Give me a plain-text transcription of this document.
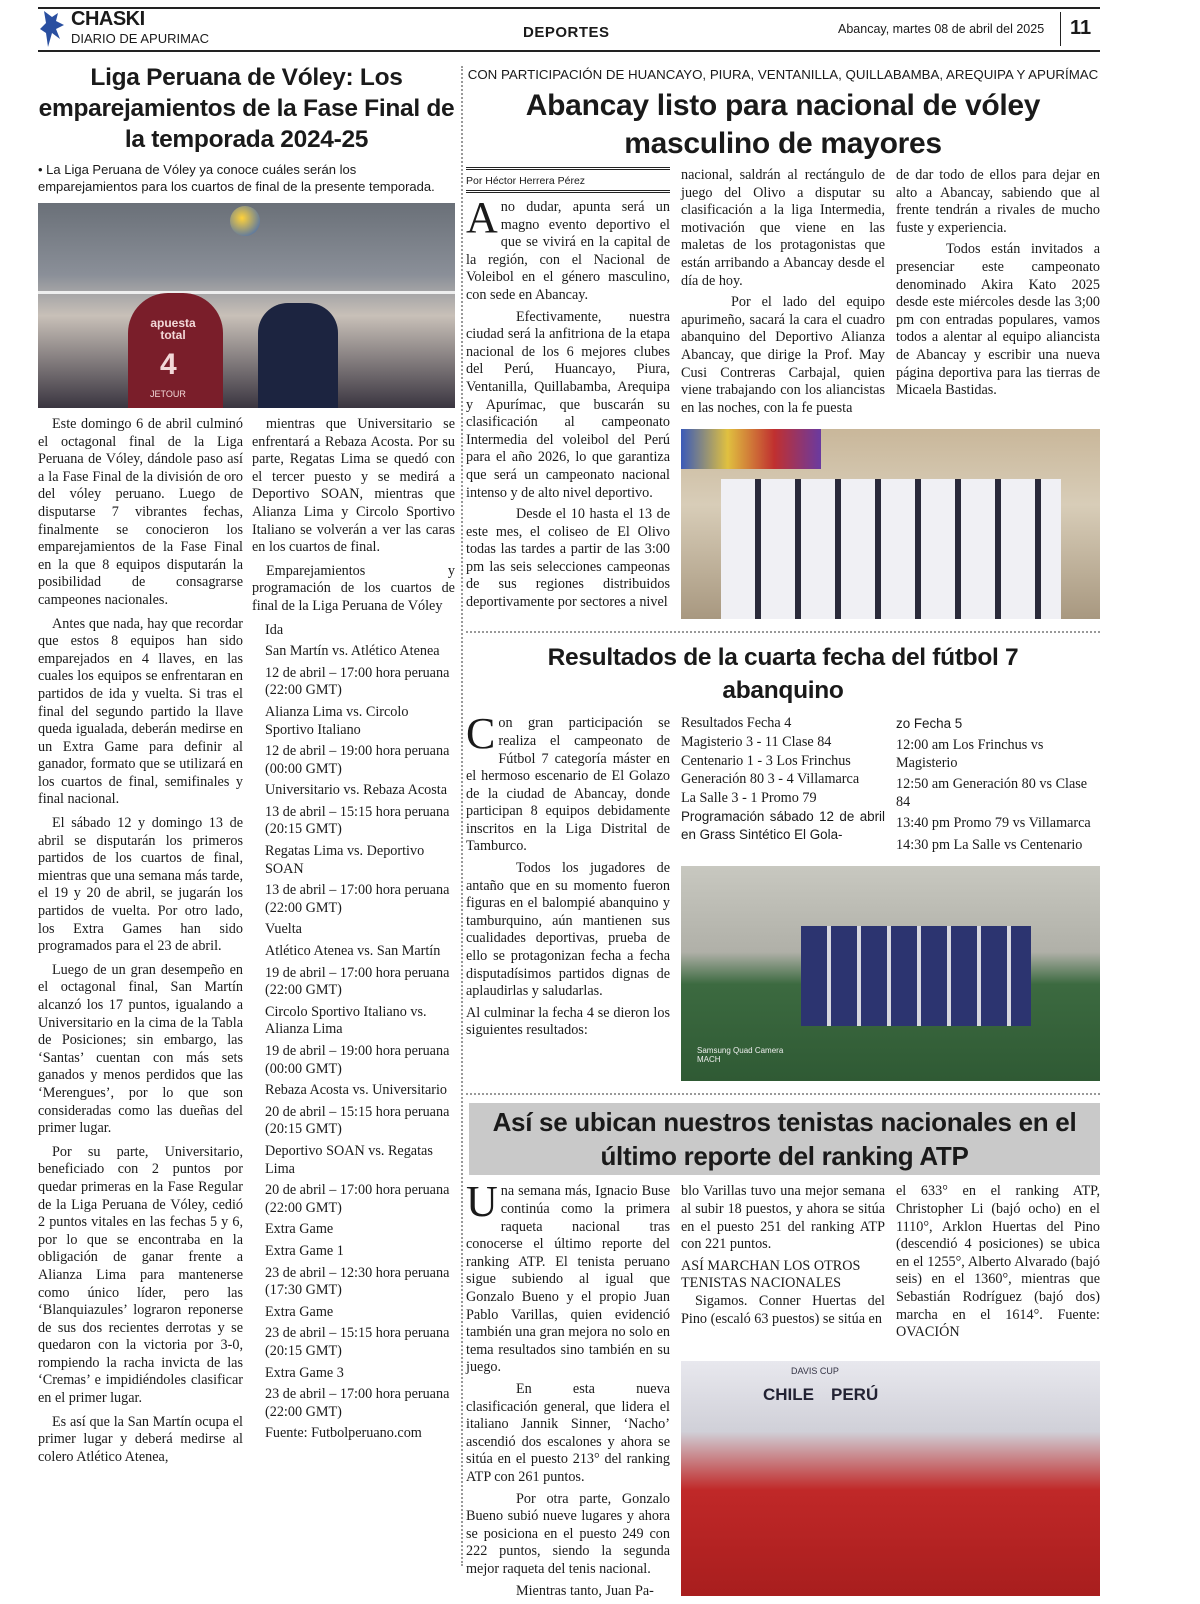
CHASKI
DIARIO DE APURIMAC	DEPORTES	Abancay, martes 08 de abril del 2025 11
Liga Peruana de Vóley: Los emparejamientos de la Fase Final de la temporada 2024-25
• La Liga Peruana de Vóley ya conoce cuáles serán los emparejamientos para los cuartos de final de la presente temporada.
apuesta total
4
JETOUR

Este domingo 6 de abril culminó el octagonal final de la Liga Peruana de Vóley, dándole paso así a la Fase Final de la división de oro del vóley peruano. Luego de disputarse 7 vibrantes fechas, finalmente se conocieron los emparejamientos de la Fase Final en la que 8 equipos disputarán la posibilidad de consagrarse campeones nacionales.

Antes que nada, hay que recordar que estos 8 equipos han sido emparejados en 4 llaves, en las cuales los equipos se enfrentaran en partidos de ida y vuelta. Si tras el final del segundo partido la llave queda igualada, deberán medirse en un Extra Game para definir al ganador, formato que se utilizará en los cuartos de final, semifinales y final nacional.

El sábado 12 y domingo 13 de abril se disputarán los primeros partidos de los cuartos de final, mientras que una semana más tarde, el 19 y 20 de abril, se jugarán los partidos de vuelta. Por otro lado, los Extra Games han sido programados para el 23 de abril.

Luego de un gran desempeño en el octagonal final, San Martín alcanzó los 17 puntos, igualando a Universitario en la cima de la Tabla de Posiciones; sin embargo, las ‘Santas’ cuentan con más sets ganados y menos perdidos que las ‘Merengues’, por lo que son consideradas como las dueñas del primer lugar.

Por su parte, Universitario, beneficiado con 2 puntos por quedar primeras en la Fase Regular de la Liga Peruana de Vóley, cedió 2 puntos vitales en las fechas 5 y 6, por lo que se encontraba en la obligación de ganar frente a Alianza Lima para mantenerse como único líder, pero las ‘Blanquiazules’ lograron reponerse de sus dos recientes derrotas y se quedaron con la victoria por 3-0, rompiendo la racha invicta de las ‘Cremas’ e impidiéndoles clasificar en el primer lugar.

Es así que la San Martín ocupa el primer lugar y deberá medirse al colero Atlético Atenea,

mientras que Universitario se enfrentará a Rebaza Acosta. Por su parte, Regatas Lima se quedó con el tercer puesto y se medirá a Deportivo SOAN, mientras que Alianza Lima y Circolo Sportivo Italiano se volverán a ver las caras en los cuartos de final.

Emparejamientos y programación de los cuartos de final de la Liga Peruana de Vóley

Ida

San Martín vs. Atlético Atenea

12 de abril – 17:00 hora peruana (22:00 GMT)

Alianza Lima vs. Circolo Sportivo Italiano

12 de abril – 19:00 hora peruana (00:00 GMT)

Universitario vs. Rebaza Acosta

13 de abril – 15:15 hora peruana (20:15 GMT)

Regatas Lima vs. Deportivo SOAN

13 de abril – 17:00 hora peruana (22:00 GMT)

Vuelta

Atlético Atenea vs. San Martín

19 de abril – 17:00 hora peruana (22:00 GMT)

Circolo Sportivo Italiano vs. Alianza Lima

19 de abril – 19:00 hora peruana (00:00 GMT)

Rebaza Acosta vs. Universitario

20 de abril – 15:15 hora peruana (20:15 GMT)

Deportivo SOAN vs. Regatas Lima

20 de abril – 17:00 hora peruana (22:00 GMT)

Extra Game

Extra Game 1

23 de abril – 12:30 hora peruana (17:30 GMT)

Extra Game

23 de abril – 15:15 hora peruana (20:15 GMT)

Extra Game 3

23 de abril – 17:00 hora peruana (22:00 GMT)

Fuente: Futbolperuano.com

CON PARTICIPACIÓN DE HUANCAYO, PIURA, VENTANILLA, QUILLABAMBA, AREQUIPA Y APURÍMAC
Abancay listo para nacional de vóley masculino de mayores
Por Héctor Herrera Pérez

Ano dudar, apunta será un magno evento deportivo el que se vivirá en la capital de la región, con el Nacional de Voleibol en el género masculino, con sede en Abancay.

Efectivamente, nuestra ciudad será la anfitriona de la etapa nacional de los 6 mejores clubes del Perú, Huancayo, Piura, Ventanilla, Quillabamba, Arequipa y Apurímac, que buscarán su clasificación al campeonato Intermedia del voleibol del Perú para el año 2026, lo que garantiza que será un campeonato nacional intenso y de alto nivel deportivo.

Desde el 10 hasta el 13 de este mes, el coliseo de El Olivo todas las tardes a partir de las 3:00 pm las seis selecciones campeonas de sus regiones distribuidos deportivamente por sectores a nivel

nacional, saldrán al rectángulo de juego del Olivo a disputar su clasificación a la liga Intermedia, motivación que viene en las maletas de los protagonistas que están arribando a Abancay desde el día de hoy.

Por el lado del equipo apurimeño, sacará la cara el cuadro abanquino del Deportivo Alianza Abancay, que dirige la Prof. May Cusi Contreras Carbajal, quien viene trabajando con los aliancistas en las noches, con la fe puesta

de dar todo de ellos para dejar en alto a Abancay, sabiendo que al frente tendrán a rivales de mucho fuste y experiencia.

Todos están invitados a presenciar este campeonato denominado Akira Kato 2025 desde este miércoles desde las 3;00 pm con entradas populares, vamos todos a alentar al equipo aliancista de Abancay y escribir una nueva página deportiva para las tierras de Micaela Bastidas.

Resultados de la cuarta fecha del fútbol 7 abanquino

Con gran participación se realiza el campeonato de Fútbol 7 categoría máster en el hermoso escenario de El Golazo de la ciudad de Abancay, donde participan 8 equipos debidamente inscritos en la Liga Distrital de Tamburco.

Todos los jugadores de antaño que en su momento fueron figuras en el balompié abanquino y tamburquino, aún mantienen sus cualidades deportivas, prueba de ello se protagonizan fecha a fecha disputadísimos partidos dignas de aplaudirlas y saludarlas.

Al culminar la fecha 4 se dieron los siguientes resultados:

Resultados Fecha 4

Magisterio 3 - 11 Clase 84

Centenario 1 - 3 Los Frinchus

Generación 80 3 - 4 Villamarca

La Salle 3 - 1 Promo 79

Programación sábado 12 de abril en Grass Sintético El Gola-

zo Fecha 5

12:00 am Los Frinchus vs Magisterio

12:50 am Generación 80 vs Clase 84

13:40 pm Promo 79 vs Villamarca

14:30 pm La Salle vs Centenario

Samsung Quad Camera
MACH
Así se ubican nuestros tenistas nacionales en el último reporte del ranking ATP

Una semana más, Ignacio Buse continúa como la primera raqueta nacional tras conocerse el último reporte del ranking ATP. El tenista peruano sigue subiendo al igual que Gonzalo Bueno y el propio Juan Pablo Varillas, quien evidenció también una gran mejora no solo en tema resultados sino también en su juego.

En esta nueva clasificación general, que lidera el italiano Jannik Sinner, ‘Nacho’ ascendió dos escalones y ahora se sitúa en el puesto 213° del ranking ATP con 261 puntos.

Por otra parte, Gonzalo Bueno subió nueve lugares y ahora se posiciona en el puesto 249 con 222 puntos, siendo la segunda mejor raqueta del tenis nacional.

Mientras tanto, Juan Pa-

blo Varillas tuvo una mejor semana al subir 18 puestos, y ahora se sitúa en el puesto 251 del ranking ATP con 221 puntos.

ASÍ MARCHAN LOS OTROS TENISTAS NACIONALES

Sigamos. Conner Huertas del Pino (escaló 63 puestos) se sitúa en

el 633° en el ranking ATP, Christopher Li (bajó ocho) en el 1110°, Arklon Huertas del Pino (descendió 4 posiciones) se ubica en el 1255°, Alberto Alvarado (bajó seis) en el 1360°, mientras que Sebastián Rodríguez (bajó dos) marcha en el 1614°. Fuente: OVACIÓN

DAVIS CUP
CHILE PERÚ
